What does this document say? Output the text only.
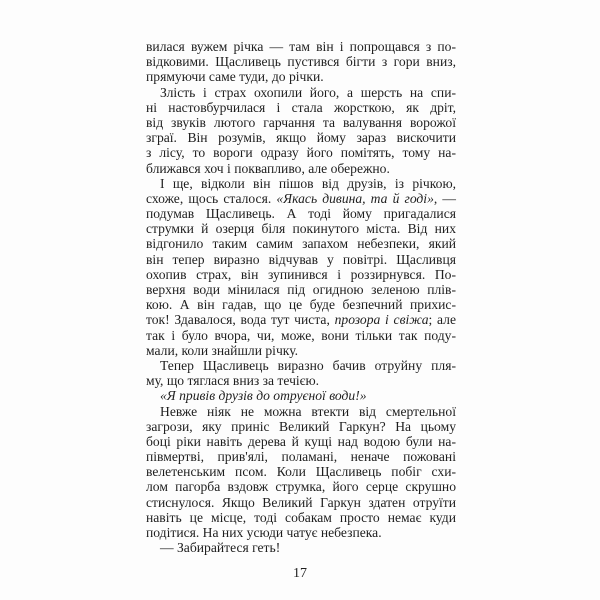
вилася вужем річка — там він і попрощався з по-
відковими. Щасливець пустився бігти з гори вниз,
прямуючи саме туди, до річки.
Злість і страх охопили його, а шерсть на спи-
ні настовбурчилася і стала жорсткою, як дріт,
від звуків лютого гарчання та валування ворожої
зграї. Він розумів, якщо йому зараз вискочити
з лісу, то вороги одразу його помітять, тому на-
ближався хоч і поквапливо, але обережно.
І ще, відколи він пішов від друзів, із річкою,
схоже, щось сталося. «Якась дивина, та й годі», —
подумав Щасливець. А тоді йому пригадалися
струмки й озерця біля покинутого міста. Від них
відгонило таким самим запахом небезпеки, який
він тепер виразно відчував у повітрі. Щасливця
охопив страх, він зупинився і роззирнувся. По-
верхня води мінилася під огидною зеленою плів-
кою. А він гадав, що це буде безпечний прихис-
ток! Здавалося, вода тут чиста, прозора і свіжа; але
так і було вчора, чи, може, вони тільки так поду-
мали, коли знайшли річку.
Тепер Щасливець виразно бачив отруйну пля-
му, що тяглася вниз за течією.
«Я привів друзів до отруєної води!»
Невже ніяк не можна втекти від смертельної
загрози, яку приніс Великий Гаркун? На цьому
боці ріки навіть дерева й кущі над водою були на-
півмертві, прив'ялі, поламані, неначе пожовані
велетенським псом. Коли Щасливець побіг схи-
лом пагорба вздовж струмка, його серце скрушно
стиснулося. Якщо Великий Гаркун здатен отруїти
навіть це місце, тоді собакам просто немає куди
подітися. На них усюди чатує небезпека.
— Забирайтеся геть!
17
